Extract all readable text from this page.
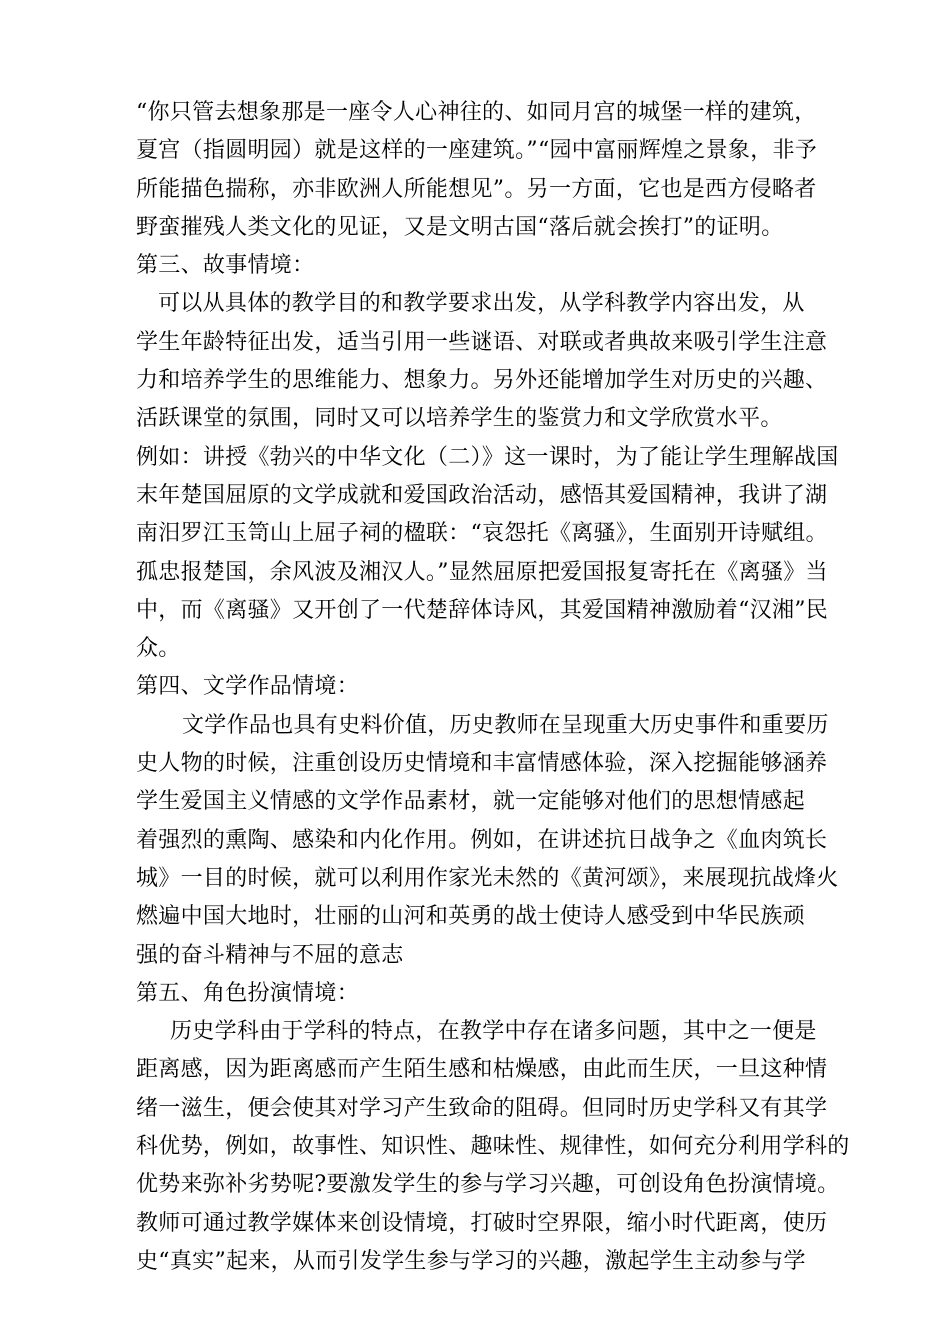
“你只管去想象那是一座令人心神往的、如同月宫的城堡一样的建筑，
夏宫（指圆明园）就是这样的一座建筑。”“园中富丽辉煌之景象，非予
所能描色揣称，亦非欧洲人所能想见”。另一方面，它也是西方侵略者
野蛮摧残人类文化的见证，又是文明古国“落后就会挨打”的证明。
第三、故事情境：
可以从具体的教学目的和教学要求出发，从学科教学内容出发，从
学生年龄特征出发，适当引用一些谜语、对联或者典故来吸引学生注意
力和培养学生的思维能力、想象力。另外还能增加学生对历史的兴趣、
活跃课堂的氛围，同时又可以培养学生的鉴赏力和文学欣赏水平。
例如：讲授《勃兴的中华文化（二）》这一课时，为了能让学生理解战国
末年楚国屈原的文学成就和爱国政治活动，感悟其爱国精神，我讲了湖
南汨罗江玉笥山上屈子祠的楹联：“哀怨托《离骚》，生面别开诗赋组。
孤忠报楚国，余风波及湘汉人。”显然屈原把爱国报复寄托在《离骚》当
中，而《离骚》又开创了一代楚辞体诗风，其爱国精神激励着“汉湘”民
众。
第四、文学作品情境：
文学作品也具有史料价值，历史教师在呈现重大历史事件和重要历
史人物的时候，注重创设历史情境和丰富情感体验，深入挖掘能够涵养
学生爱国主义情感的文学作品素材，就一定能够对他们的思想情感起
着强烈的熏陶、感染和内化作用。例如，在讲述抗日战争之《血肉筑长
城》一目的时候，就可以利用作家光未然的《黄河颂》，来展现抗战烽火
燃遍中国大地时，壮丽的山河和英勇的战士使诗人感受到中华民族顽
强的奋斗精神与不屈的意志
第五、角色扮演情境：
历史学科由于学科的特点，在教学中存在诸多问题，其中之一便是
距离感，因为距离感而产生陌生感和枯燥感，由此而生厌，一旦这种情
绪一滋生，便会使其对学习产生致命的阻碍。但同时历史学科又有其学
科优势，例如，故事性、知识性、趣味性、规律性，如何充分利用学科的
优势来弥补劣势呢?要激发学生的参与学习兴趣，可创设角色扮演情境。
教师可通过教学媒体来创设情境，打破时空界限，缩小时代距离，使历
史“真实”起来，从而引发学生参与学习的兴趣，激起学生主动参与学
